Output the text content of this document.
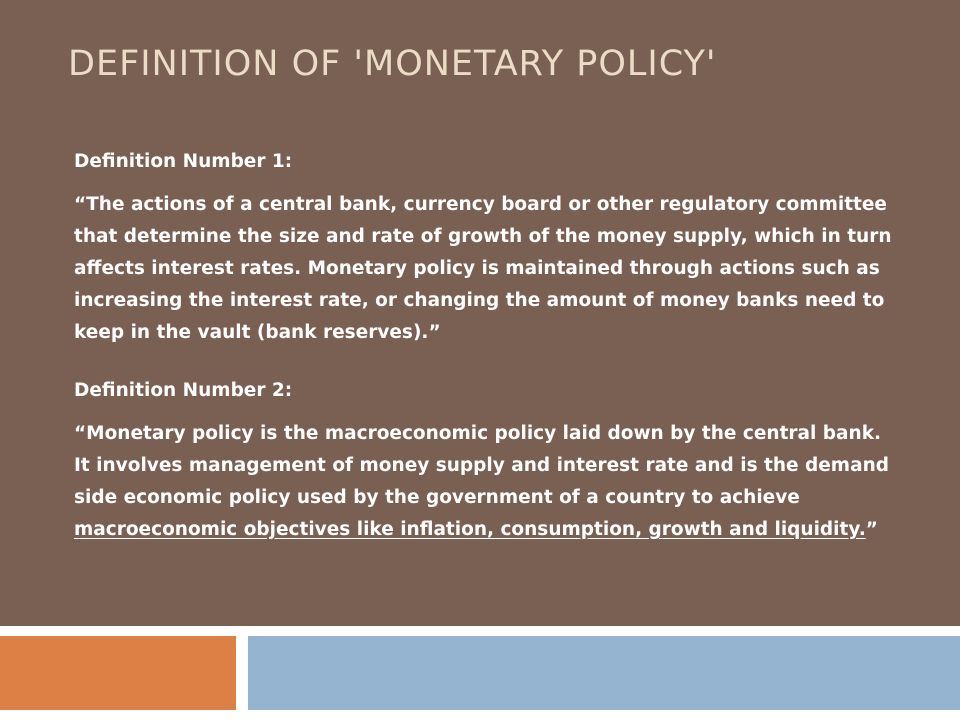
DEFINITION OF 'MONETARY POLICY'

Definition Number 1:

“The actions of a central bank, currency board or other regulatory committee that determine the size and rate of growth of the money supply, which in turn affects interest rates. Monetary policy is maintained through actions such as increasing the interest rate, or changing the amount of money banks need to keep in the vault (bank reserves).”

Definition Number 2:

“Monetary policy is the macroeconomic policy laid down by the central bank. It involves management of money supply and interest rate and is the demand side economic policy used by the government of a country to achieve macroeconomic objectives like inflation, consumption, growth and liquidity.”
